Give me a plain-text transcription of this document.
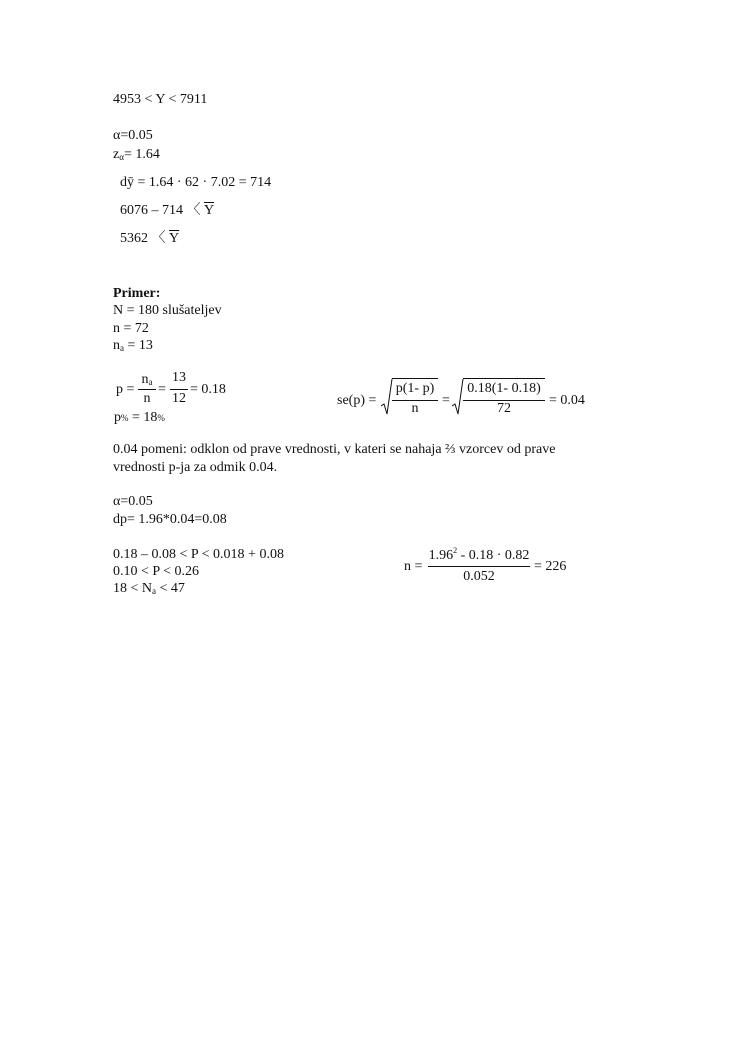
4953 < Y < 7911
α=0.05
$z_\alpha= 1.64$
dӯ = 1.64 · 62 · 7.02 = 714
6076 – 714 〈 $\overline{Y}$
5362 〈 $\overline{Y}$
Primer:
N = 180 slušateljev
n = 72
$n_a = 13$
p =
$n_a$
n
=
13
12
= 0.18
p% = 18%
se(p) =
p(1- p)
n
=
0.18(1- 0.18)
72
= 0.04
0.04 pomeni: odklon od prave vrednosti, v kateri se nahaja ⅔ vzorcev od prave
vrednosti p-ja za odmik 0.04.
α=0.05
dp= 1.96*0.04=0.08
0.18 – 0.08 < P < 0.018 + 0.08
0.10 < P < 0.26
$18 < N_a < 47$
n =
$1.96^2 - 0.18 \cdot 0.82$
0.052
= 226
